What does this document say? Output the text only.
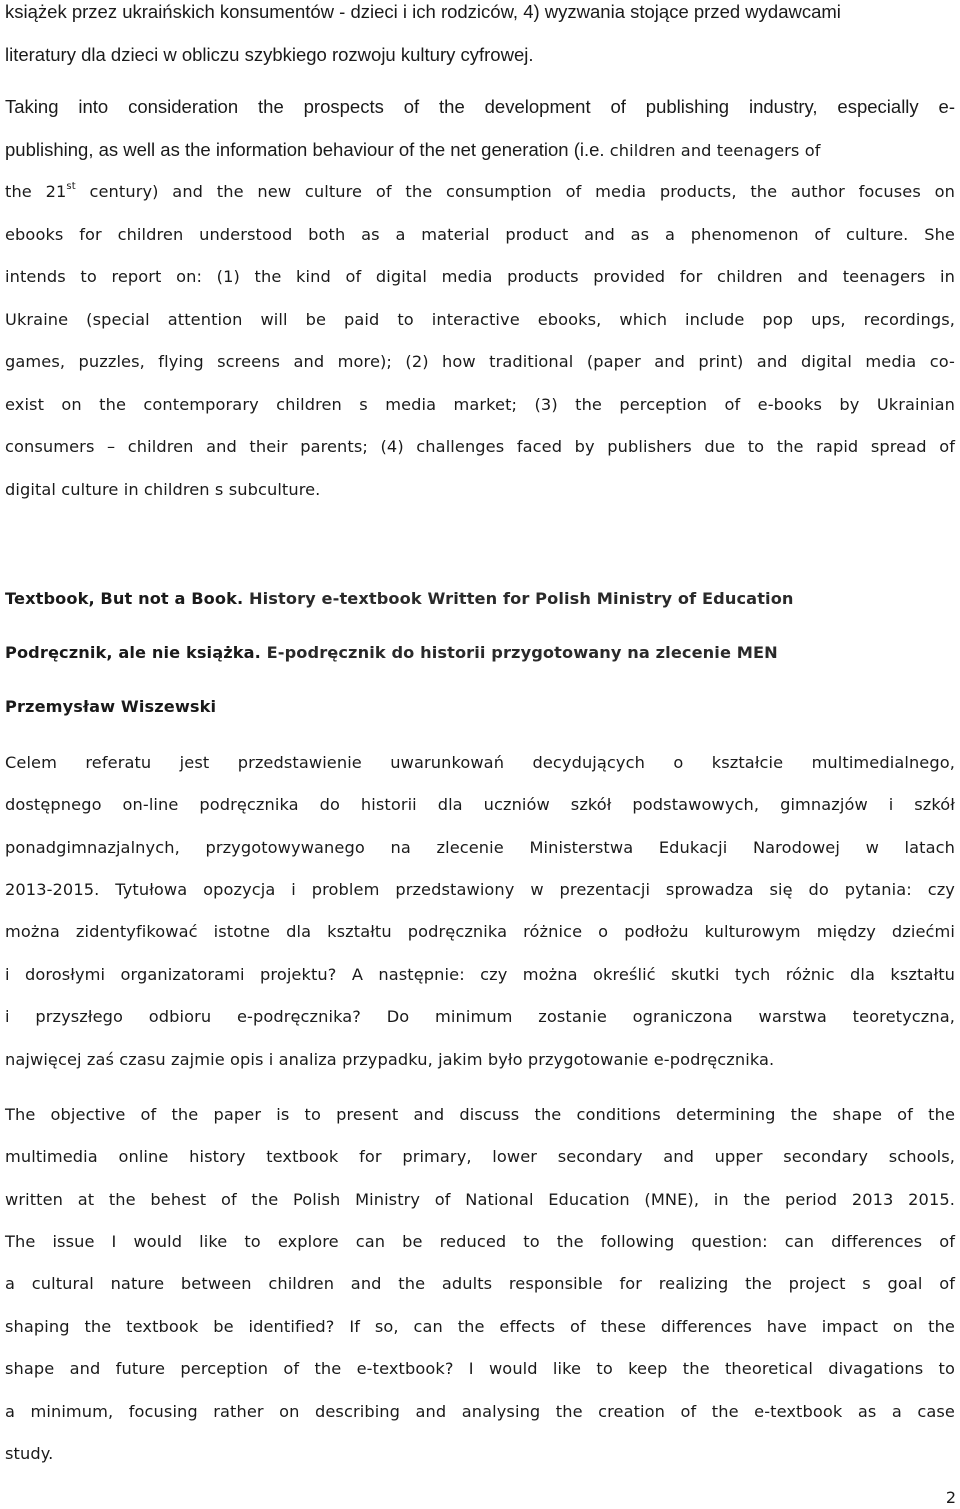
książek przez ukraińskich konsumentów - dzieci i ich rodziców, 4) wyzwania stojące przed wydawcami
literatury dla dzieci w obliczu szybkiego rozwoju kultury cyfrowej.
Taking into consideration the prospects of the development of publishing industry, especially e-
publishing, as well as the information behaviour of the net generation (i.e. children and teenagers of
the 21st century) and the new culture of the consumption of media products, the author focuses on
ebooks for children understood both as a material product and as a phenomenon of culture. She
intends to report on: (1) the kind of digital media products provided for children and teenagers in
Ukraine (special attention will be paid to interactive ebooks, which include pop ups, recordings,
games, puzzles, flying screens and more); (2) how traditional (paper and print) and digital media co-
exist on the contemporary children s media market; (3) the perception of e-books by Ukrainian
consumers – children and their parents; (4) challenges faced by publishers due to the rapid spread of
digital culture in children s subculture.
Textbook, But not a Book. History e-textbook Written for Polish Ministry of Education
Podręcznik, ale nie książka. E-podręcznik do historii przygotowany na zlecenie MEN
Przemysław Wiszewski
Celem referatu jest przedstawienie uwarunkowań decydujących o kształcie multimedialnego,
dostępnego on-line podręcznika do historii dla uczniów szkół podstawowych, gimnazjów i szkół
ponadgimnazjalnych, przygotowywanego na zlecenie Ministerstwa Edukacji Narodowej w latach
2013-2015. Tytułowa opozycja i problem przedstawiony w prezentacji sprowadza się do pytania: czy
można zidentyfikować istotne dla kształtu podręcznika różnice o podłożu kulturowym między dziećmi
i dorosłymi organizatorami projektu? A następnie: czy można określić skutki tych różnic dla kształtu
i przyszłego odbioru e-podręcznika? Do minimum zostanie ograniczona warstwa teoretyczna,
najwięcej zaś czasu zajmie opis i analiza przypadku, jakim było przygotowanie e-podręcznika.
The objective of the paper is to present and discuss the conditions determining the shape of the
multimedia online history textbook for primary, lower secondary and upper secondary schools,
written at the behest of the Polish Ministry of National Education (MNE), in the period 2013 2015.
The issue I would like to explore can be reduced to the following question: can differences of
a cultural nature between children and the adults responsible for realizing the project s goal of
shaping the textbook be identified? If so, can the effects of these differences have impact on the
shape and future perception of the e-textbook? I would like to keep the theoretical divagations to
a minimum, focusing rather on describing and analysing the creation of the e-textbook as a case
study.
2
